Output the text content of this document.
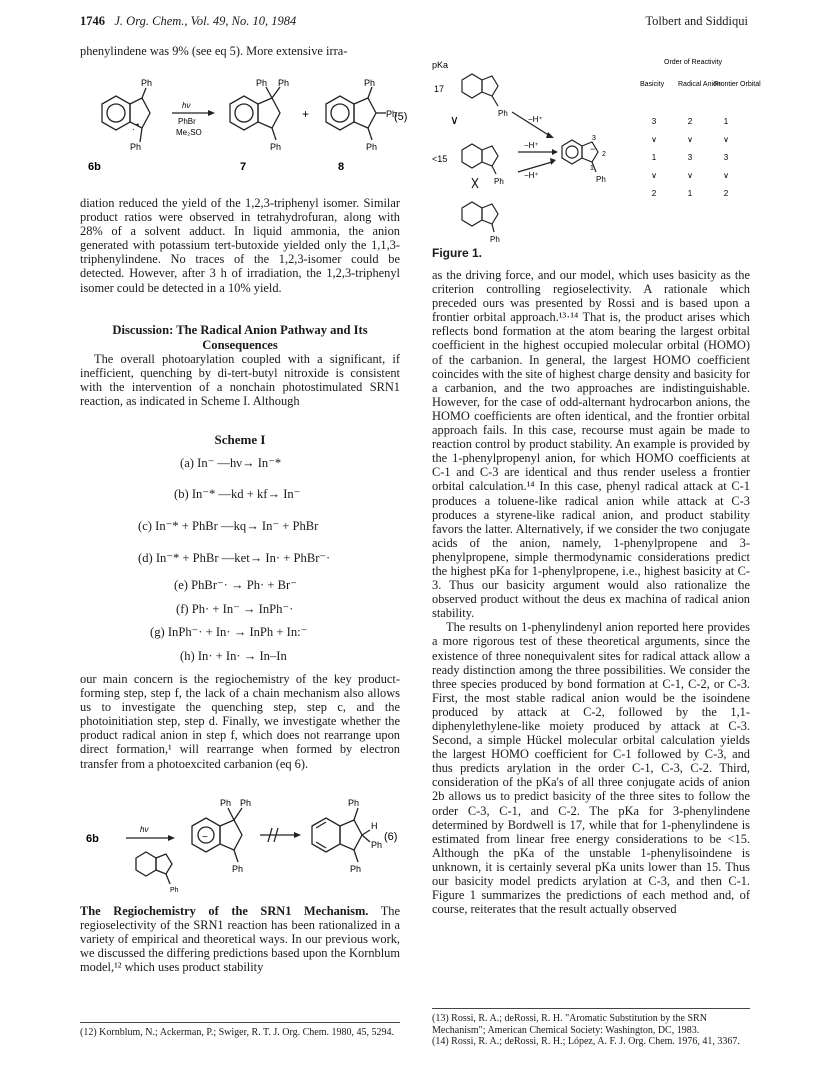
1746 J. Org. Chem., Vol. 49, No. 10, 1984	Tolbert and Siddiqui

phenylindene was 9% (see eq 5). More extensive irra-

•
·
Ph
Ph
hν
PhBr
Me₂SO
Ph Ph
Ph
+
Ph
Ph
Ph
(5)
6b	7	8

diation reduced the yield of the 1,2,3-triphenyl isomer. Similar product ratios were observed in tetrahydrofuran, along with 28% of a solvent adduct. In liquid ammonia, the anion generated with potassium tert-butoxide yielded only the 1,1,3-triphenylindene. No traces of the 1,2,3-isomer could be detected. However, after 3 h of irradiation, the 1,2,3-triphenyl isomer could be detected in a 10% yield.

Discussion: The Radical Anion Pathway and Its Consequences

The overall photoarylation coupled with a significant, if inefficient, quenching by di-tert-butyl nitroxide is consistent with the intervention of a nonchain photostimulated SRN1 reaction, as indicated in Scheme I. Although

Scheme I
(a) In⁻ —hν→ In⁻*
(b) In⁻* —kd + kf→ In⁻
(c) In⁻* + PhBr —kq→ In⁻ + PhBr
(d) In⁻* + PhBr —ket→ In· + PhBr⁻·
(e) PhBr⁻· → Ph· + Br⁻
(f) Ph· + In⁻ → InPh⁻·
(g) InPh⁻· + In· → InPh + In:⁻
(h) In· + In· → In–In

our main concern is the regiochemistry of the key product-forming step, step f, the lack of a chain mechanism also allows us to investigate the quenching step, step c, and the photoinitiation step, step d. Finally, we investigate whether the product radical anion in step f, which does not rearrange upon direct formation,¹ will rearrange when formed by electron transfer from a photoexcited carbanion (eq 6).

−
6b
hν
Ph Ph
Ph
Ph
H
Ph
Ph
Ph
(6)

The Regiochemistry of the SRN1 Mechanism. The regioselectivity of the SRN1 reaction has been rationalized in a variety of empirical and theoretical ways. In our previous work, we discussed the differing predictions based upon the Kornblum model,¹² which uses product stability

(12) Kornblum, N.; Ackerman, P.; Swiger, R. T. J. Org. Chem. 1980, 45, 5294.
−
pKa
17
<15
∨	Ph
Ph	Ph
Ph
−H⁺
−H⁺
−H⁺
3
2
1
Order of Reactivity
Basicity Radical Anion
Frontier Orbital
3	2	1
∨	∨	∨
1	3	3
∨	∨	∨
2	1	2
Figure 1.

as the driving force, and our model, which uses basicity as the criterion controlling regioselectivity. A rationale which preceded ours was presented by Rossi and is based upon a frontier orbital approach.¹³·¹⁴ That is, the product arises which reflects bond formation at the atom bearing the largest orbital coefficient in the highest occupied molecular orbital (HOMO) of the carbanion. In general, the largest HOMO coefficient coincides with the site of highest charge density and basicity for a carbanion, and the two approaches are indistinguishable. However, for the case of odd-alternant hydrocarbon anions, the HOMO coefficients are often identical, and the frontier orbital approach fails. In this case, recourse must again be made to reaction control by product stability. An example is provided by the 1-phenylpropenyl anion, for which HOMO coefficients at C-1 and C-3 are identical and thus render useless a frontier orbital calculation.¹⁴ In this case, phenyl radical attack at C-1 produces a toluene-like radical anion while attack at C-3 produces a styrene-like radical anion, and product stability favors the latter. Alternatively, if we consider the two conjugate acids of the anion, namely, 1-phenylpropene and 3-phenylpropene, simple thermodynamic considerations predict the highest pKa for 1-phenylpropene, i.e., highest basicity at C-3. Thus our basicity argument would also rationalize the observed product without the deus ex machina of radical anion stability.

The results on 1-phenylindenyl anion reported here provides a more rigorous test of these theoretical arguments, since the existence of three nonequivalent sites for radical attack allow a ready distinction among the three possibilities. We consider the three species produced by bond formation at C-1, C-2, or C-3. First, the most stable radical anion would be the isoindene produced by attack at C-2, followed by the 1,1-diphenylethylene-like moiety produced by attack at C-3. Second, a simple Hückel molecular orbital calculation yields the largest HOMO coefficient for C-1 followed by C-3, and thus predicts arylation in the order C-1, C-3, C-2. Third, consideration of the pKa's of all three conjugate acids of anion 2b allows us to predict basicity of the three sites to follow the order C-3, C-1, and C-2. The pKa for 3-phenylindene determined by Bordwell is 17, while that for 1-phenylindene is estimated from linear free energy considerations to be <15. Although the pKa of the unstable 1-phenylisoindene is unknown, it is certainly several pKa units lower than 15. Thus our basicity model predicts arylation at C-3, and then C-1. Figure 1 summarizes the predictions of each method and, of course, reiterates that the result actually observed

(13) Rossi, R. A.; deRossi, R. H. "Aromatic Substitution by the SRN Mechanism"; American Chemical Society: Washington, DC, 1983.
(14) Rossi, R. A.; deRossi, R. H.; López, A. F. J. Org. Chem. 1976, 41, 3367.
